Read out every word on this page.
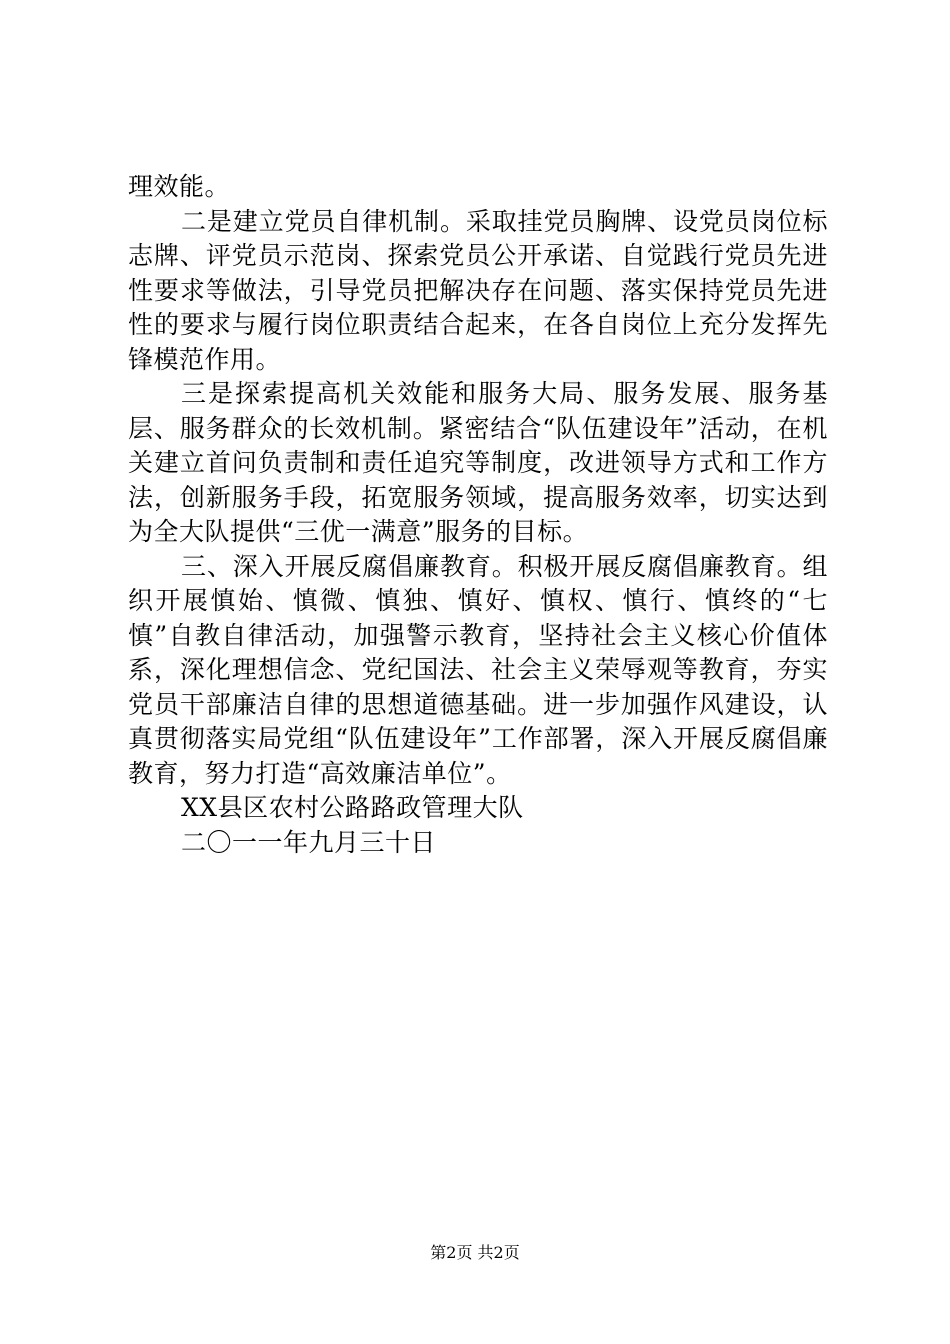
理效能。

二是建立党员自律机制。采取挂党员胸牌、设党员岗位标志牌、评党员示范岗、探索党员公开承诺、自觉践行党员先进性要求等做法，引导党员把解决存在问题、落实保持党员先进性的要求与履行岗位职责结合起来，在各自岗位上充分发挥先锋模范作用。

三是探索提高机关效能和服务大局、服务发展、服务基层、服务群众的长效机制。紧密结合“队伍建设年”活动，在机关建立首问负责制和责任追究等制度，改进领导方式和工作方法，创新服务手段，拓宽服务领域，提高服务效率，切实达到为全大队提供“三优一满意”服务的目标。

三、深入开展反腐倡廉教育。积极开展反腐倡廉教育。组织开展慎始、慎微、慎独、慎好、慎权、慎行、慎终的“七慎”自教自律活动，加强警示教育，坚持社会主义核心价值体系，深化理想信念、党纪国法、社会主义荣辱观等教育，夯实党员干部廉洁自律的思想道德基础。进一步加强作风建设，认真贯彻落实局党组“队伍建设年”工作部署，深入开展反腐倡廉教育，努力打造“高效廉洁单位”。

XX县区农村公路路政管理大队

二〇一一年九月三十日

第2页 共2页
